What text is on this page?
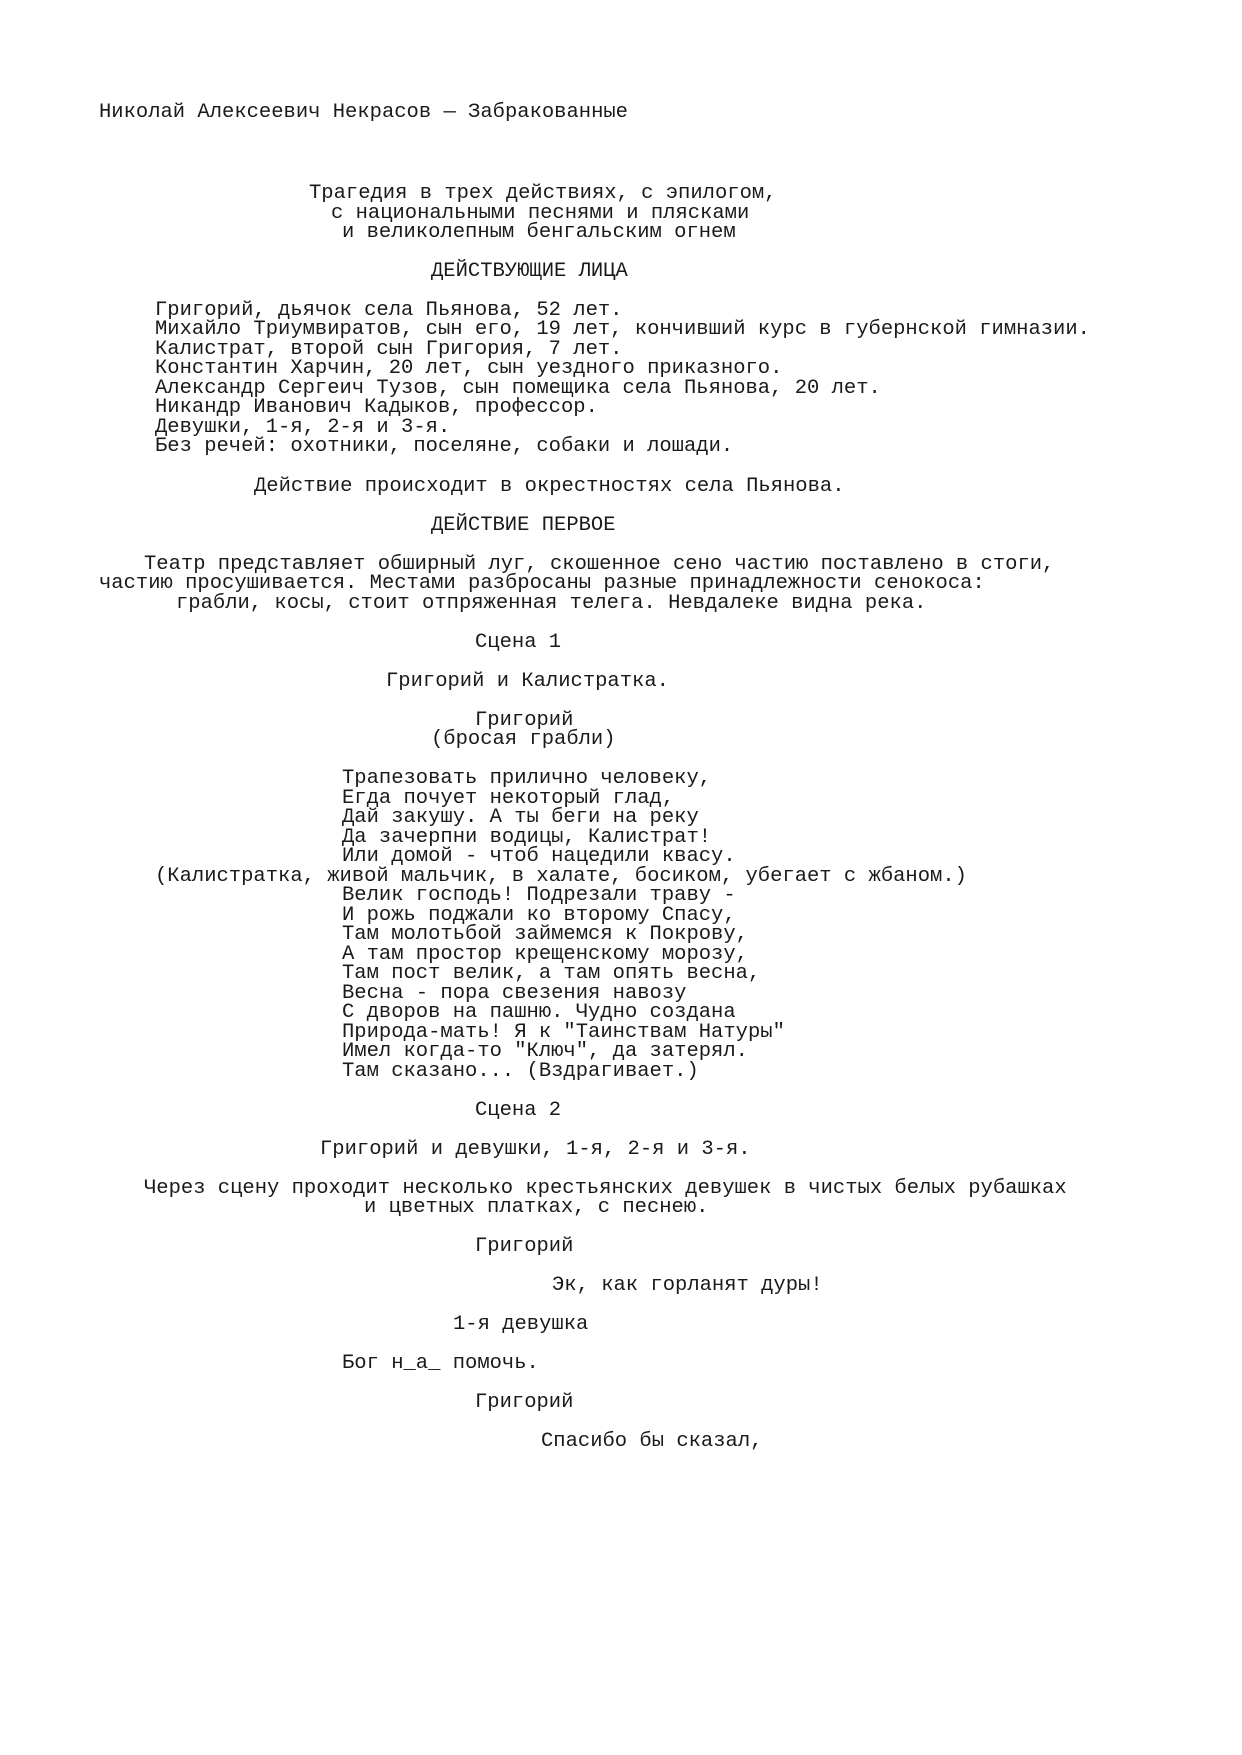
Николай Алексеевич Некрасов — Забракованные

Трагедия в трех действиях, с эпилогом,

с национальными песнями и плясками

и великолепным бенгальским огнем

ДЕЙСТВУЮЩИЕ ЛИЦА

Григорий, дьячок села Пьянова, 52 лет.

Михайло Триумвиратов, сын его, 19 лет, кончивший курс в губернской гимназии.

Калистрат, второй сын Григория, 7 лет.

Константин Харчин, 20 лет, сын уездного приказного.

Александр Сергеич Тузов, сын помещика села Пьянова, 20 лет.

Никандр Иванович Кадыков, профессор.

Девушки, 1-я, 2-я и 3-я.

Без речей: охотники, поселяне, собаки и лошади.

Действие происходит в окрестностях села Пьянова.

ДЕЙСТВИЕ ПЕРВОЕ

Театр представляет обширный луг, скошенное сено частию поставлено в стоги,

частию просушивается. Местами разбросаны разные принадлежности сенокоса:

грабли, косы, стоит отпряженная телега. Невдалеке видна река.

Сцена 1

Григорий и Калистратка.

Григорий

(бросая грабли)

Трапезовать прилично человеку,

Егда почует некоторый глад,

Дай закушу. А ты беги на реку

Да зачерпни водицы, Калистрат!

Или домой - чтоб нацедили квасу.

(Калистратка, живой мальчик, в халате, босиком, убегает с жбаном.)

Велик господь! Подрезали траву -

И рожь поджали ко второму Спасу,

Там молотьбой займемся к Покрову,

А там простор крещенскому морозу,

Там пост велик, а там опять весна,

Весна - пора свезения навозу

С дворов на пашню. Чудно создана

Природа-мать! Я к "Таинствам Натуры"

Имел когда-то "Ключ", да затерял.

Там сказано... (Вздрагивает.)

Сцена 2

Григорий и девушки, 1-я, 2-я и 3-я.

Через сцену проходит несколько крестьянских девушек в чистых белых рубашках

и цветных платках, с песнею.

Григорий

Эк, как горланят дуры!

1-я девушка

Бог н_а_ помочь.

Григорий

Спасибо бы сказал,
